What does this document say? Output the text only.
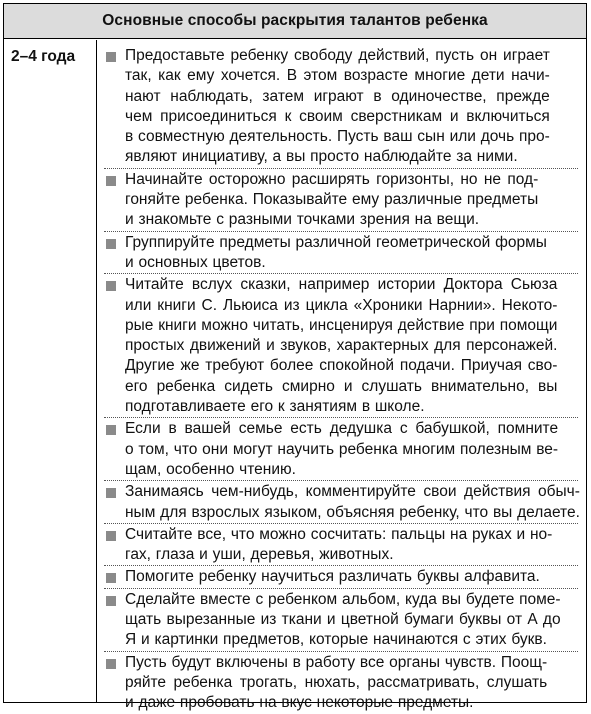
Основные способы раскрытия талантов ребенка
2–4 года	Предоставьте ребенку свободу действий, пусть он играет
так, как ему хочется. В этом возрасте многие дети начи-
нают наблюдать, затем играют в одиночестве, прежде
чем присоединиться к своим сверстникам и включиться
в совместную деятельность. Пусть ваш сын или дочь про-
являют инициативу, а вы просто наблюдайте за ними.
Начинайте осторожно расширять горизонты, но не под-
гоняйте ребенка. Показывайте ему различные предметы
и знакомьте с разными точками зрения на вещи.
Группируйте предметы различной геометрической формы
и основных цветов.
Читайте вслух сказки, например истории Доктора Сьюза
или книги С. Льюиса из цикла «Хроники Нарнии». Некото-
рые книги можно читать, инсценируя действие при помощи
простых движений и звуков, характерных для персонажей.
Другие же требуют более спокойной подачи. Приучая сво-
его ребенка сидеть смирно и слушать внимательно, вы
подготавливаете его к занятиям в школе.
Если в вашей семье есть дедушка с бабушкой, помните
о том, что они могут научить ребенка многим полезным ве-
щам, особенно чтению.
Занимаясь чем-нибудь, комментируйте свои действия обыч-
ным для взрослых языком, объясняя ребенку, что вы делаете.
Считайте все, что можно сосчитать: пальцы на руках и но-
гах, глаза и уши, деревья, животных.
Помогите ребенку научиться различать буквы алфавита.
Сделайте вместе с ребенком альбом, куда вы будете поме-
щать вырезанные из ткани и цветной бумаги буквы от А до
Я и картинки предметов, которые начинаются с этих букв.
Пусть будут включены в работу все органы чувств. Поощ-
ряйте ребенка трогать, нюхать, рассматривать, слушать
и даже пробовать на вкус некоторые предметы.
